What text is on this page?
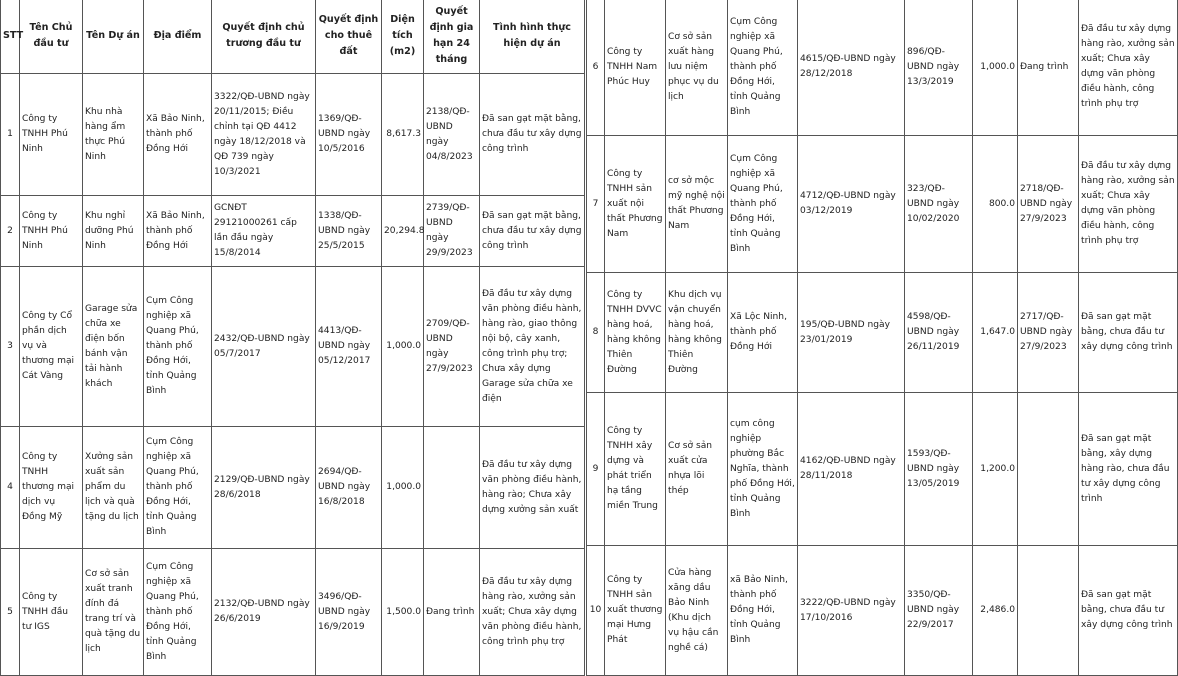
STT	Tên Chủ đầu tư	Tên Dự án	Địa điểm	Quyết định chủ trương đầu tư	Quyết định cho thuê đất	Diện tích (m2)	Quyết định gia hạn 24 tháng	Tình hình thực hiện dự án
1	Công ty TNHH Phú Ninh	Khu nhà hàng ẩm thực Phú Ninh	Xã Bảo Ninh, thành phố Đồng Hới	3322/QĐ-UBND ngày 20/11/2015; Điều chỉnh tại QĐ 4412 ngày 18/12/2018 và QĐ 739 ngày 10/3/2021	1369/QĐ-UBND ngày 10/5/2016	8,617.3	2138/QĐ-UBND ngày 04/8/2023	Đã san gạt mặt bằng, chưa đầu tư xây dựng công trình
2	Công ty TNHH Phú Ninh	Khu nghỉ dưỡng Phú Ninh	Xã Bảo Ninh, thành phố Đồng Hới	GCNĐT 29121000261 cấp lần đầu ngày 15/8/2014	1338/QĐ-UBND ngày 25/5/2015	20,294.8	2739/QĐ-UBND ngày 29/9/2023	Đã san gạt mặt bằng, chưa đầu tư xây dựng công trình
3	Công ty Cổ phần dịch vụ và thương mại Cát Vàng	Garage sửa chữa xe điện bốn bánh vận tải hành khách	Cụm Công nghiệp xã Quang Phú, thành phố Đồng Hới, tỉnh Quảng Bình	2432/QĐ-UBND ngày 05/7/2017	4413/QĐ-UBND ngày 05/12/2017	1,000.0	2709/QĐ-UBND ngày 27/9/2023	Đã đầu tư xây dựng văn phòng điều hành, hàng rào, giao thông nội bộ, cây xanh, công trình phụ trợ; Chưa xây dựng Garage sửa chữa xe điện
4	Công ty TNHH thương mại dịch vụ Đồng Mỹ	Xưởng sản xuất sản phẩm du lịch và quà tặng du lịch	Cụm Công nghiệp xã Quang Phú, thành phố Đồng Hới, tỉnh Quảng Bình	2129/QĐ-UBND ngày 28/6/2018	2694/QĐ-UBND ngày 16/8/2018	1,000.0		Đã đầu tư xây dựng văn phòng điều hành, hàng rào; Chưa xây dựng xưởng sản xuất
5	Công ty TNHH đầu tư IGS	Cơ sở sản xuất tranh đính đá trang trí và quà tặng du lịch	Cụm Công nghiệp xã Quang Phú, thành phố Đồng Hới, tỉnh Quảng Bình	2132/QĐ-UBND ngày 26/6/2019	3496/QĐ-UBND ngày 16/9/2019	1,500.0	Đang trình	Đã đầu tư xây dựng hàng rào, xưởng sản xuất; Chưa xây dựng văn phòng điều hành, công trình phụ trợ
6	Công ty TNHH Nam Phúc Huy	Cơ sở sản xuất hàng lưu niệm phục vụ du lịch	Cụm Công nghiệp xã Quang Phú, thành phố Đồng Hới, tỉnh Quảng Bình	4615/QĐ-UBND ngày 28/12/2018	896/QĐ-UBND ngày 13/3/2019	1,000.0	Đang trình	Đã đầu tư xây dựng hàng rào, xưởng sản xuất; Chưa xây dựng văn phòng điều hành, công trình phụ trợ
7	Công ty TNHH sản xuất nội thất Phương Nam	cơ sở mộc mỹ nghệ nội thất Phương Nam	Cụm Công nghiệp xã Quang Phú, thành phố Đồng Hới, tỉnh Quảng Bình	4712/QĐ-UBND ngày 03/12/2019	323/QĐ-UBND ngày 10/02/2020	800.0	2718/QĐ-UBND ngày 27/9/2023	Đã đầu tư xây dựng hàng rào, xưởng sản xuất; Chưa xây dựng văn phòng điều hành, công trình phụ trợ
8	Công ty TNHH DVVC hàng hoá, hàng không Thiên Đường	Khu dịch vụ vận chuyển hàng hoá, hàng không Thiên Đường	Xã Lộc Ninh, thành phố Đồng Hới	195/QĐ-UBND ngày 23/01/2019	4598/QĐ-UBND ngày 26/11/2019	1,647.0	2717/QĐ-UBND ngày 27/9/2023	Đã san gạt mặt bằng, chưa đầu tư xây dựng công trình
9	Công ty TNHH xây dựng và phát triển hạ tầng miền Trung	Cơ sở sản xuất cửa nhựa lõi thép	cụm công nghiệp phường Bắc Nghĩa, thành phố Đồng Hới, tỉnh Quảng Bình	4162/QĐ-UBND ngày 28/11/2018	1593/QĐ-UBND ngày 13/05/2019	1,200.0		Đã san gạt mặt bằng, xây dựng hàng rào, chưa đầu tư xây dựng công trình
10	Công ty TNHH sản xuất thương mại Hưng Phát	Cửa hàng xăng dầu Bảo Ninh (Khu dịch vụ hậu cần nghề cá)	xã Bảo Ninh, thành phố Đồng Hới, tỉnh Quảng Bình	3222/QĐ-UBND ngày 17/10/2016	3350/QĐ-UBND ngày 22/9/2017	2,486.0		Đã san gạt mặt bằng, chưa đầu tư xây dựng công trình
